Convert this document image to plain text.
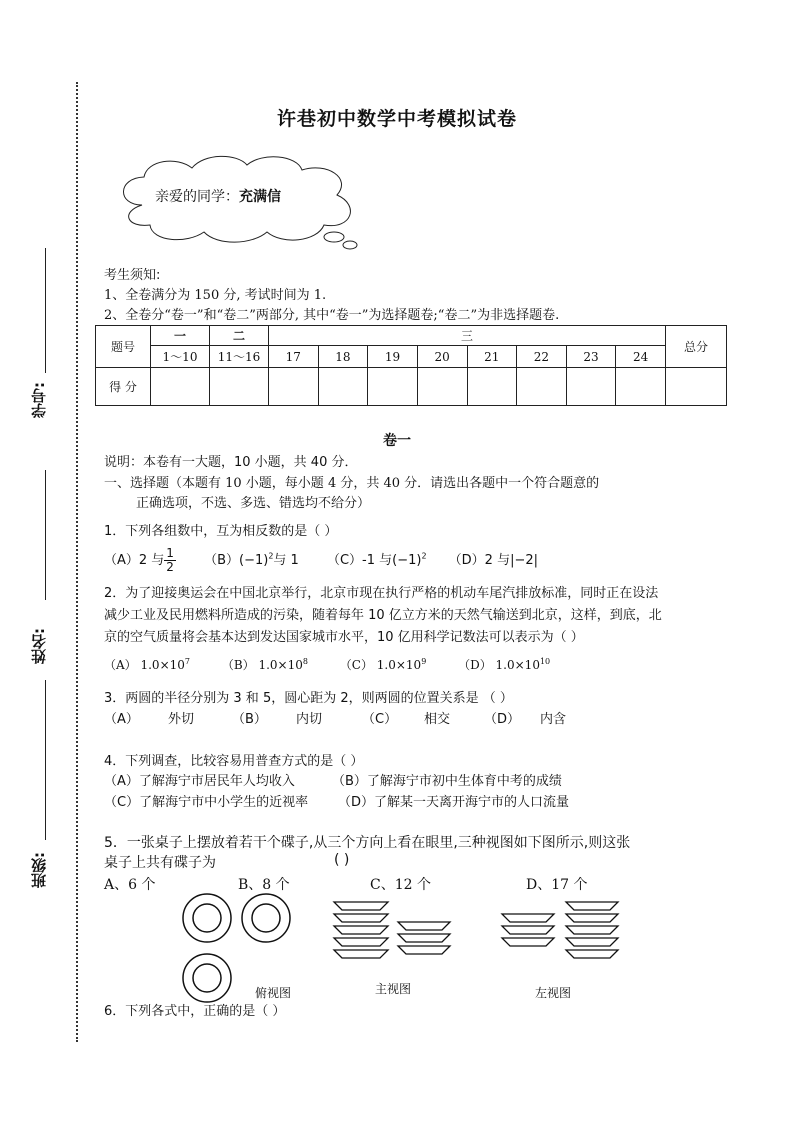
学号:
姓名:
班级:
许巷初中数学中考模拟试卷
亲爱的同学：充满信
考生须知:
1、全卷满分为 150 分, 考试时间为 1.
2、全卷分“卷一”和“卷二”两部分, 其中“卷一”为选择题卷;“卷二”为非选择题卷.
题号	一	二	三								总分
	1～10	11～16	17	18	19	20	21	22	23	24	
得 分											
卷一
说明：本卷有一大题，10 小题，共 40 分．
一、选择题（本题有 10 小题，每小题 4 分，共 40 分．请选出各题中一个符合题意的
正确选项，不选、多选、错选均不给分）
1．下列各组数中，互为相反数的是（ ）
（A）2 与 $\frac{1}{2} (B)(-1)^2$与 1 （C）-1 与$(-1)^2$ （D）2 与|−2|
2．为了迎接奥运会在中国北京举行，北京市现在执行严格的机动车尾汽排放标准，同时正在设法
减少工业及民用燃料所造成的污染，随着每年 10 亿立方米的天然气输送到北京，这样，到底，北
京的空气质量将会基本达到发达国家城市水平，10 亿用科学记数法可以表示为（ ）
（A） $1.0\times 10^7$	（B） $1.0\times 10^8$	（C） $1.0\times 10^9$	（D） $1.0\times 10^{10}$
3．两圆的半径分别为 3 和 5，圆心距为 2，则两圆的位置关系是 （ ）
（A） 外切	（B） 内切	（C） 相交	（D） 内含
4．下列调查，比较容易用普查方式的是（ ）
（A）了解海宁市居民年人均收入	（B）了解海宁市初中生体育中考的成绩
（C）了解海宁市中小学生的近视率 （D）了解某一天离开海宁市的人口流量
5．一张桌子上摆放着若干个碟子,从三个方向上看在眼里,三种视图如下图所示,则这张
桌子上共有碟子为	( )
A、6 个	B、8 个	C、12 个	D、17 个
俯视图	主视图	左视图
6．下列各式中，正确的是（ ）
